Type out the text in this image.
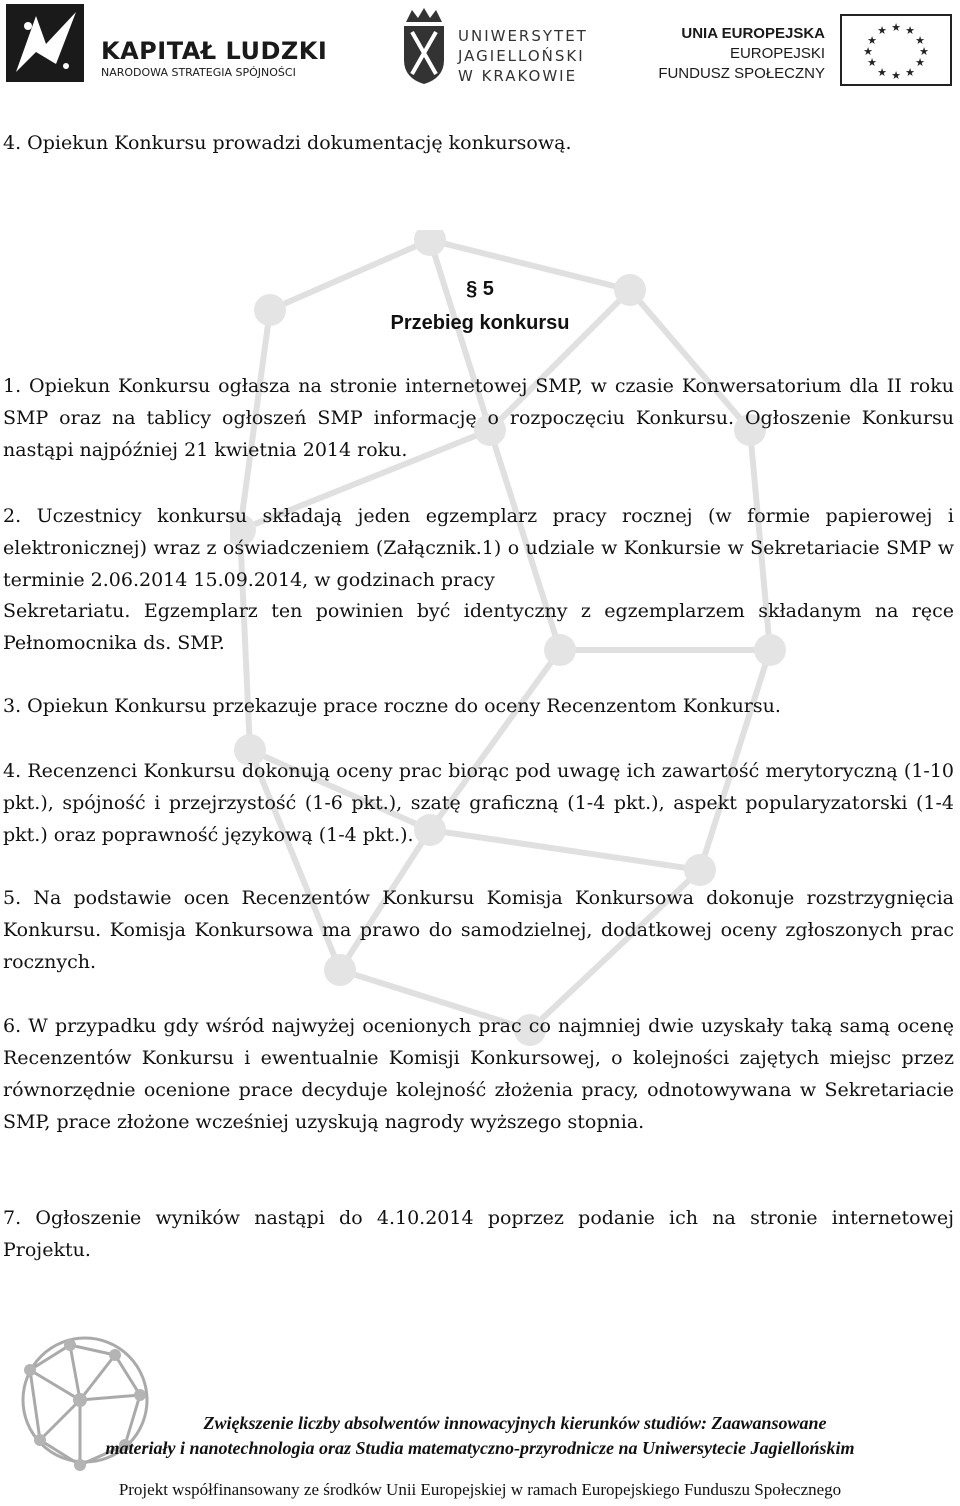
KAPITAŁ LUDZKI
NARODOWA STRATEGIA SPÓJNOŚCI
UNIWERSYTET
JAGIELLOŃSKI
W KRAKOWIE
UNIA EUROPEJSKA
EUROPEJSKI
FUNDUSZ SPOŁECZNY
★ ★
★
★
★
★
★
★
★
★
★
★
4. Opiekun Konkursu prowadzi dokumentację konkursową.
§ 5
Przebieg konkursu
1. Opiekun Konkursu ogłasza na stronie internetowej SMP, w czasie Konwersatorium dla II roku SMP oraz na tablicy ogłoszeń SMP informację o rozpoczęciu Konkursu. Ogłoszenie Konkursu nastąpi najpóźniej 21 kwietnia 2014 roku.
2. Uczestnicy konkursu składają jeden egzemplarz pracy rocznej (w formie papierowej i elektronicznej) wraz z oświadczeniem (Załącznik.1) o udziale w Konkursie w Sekretariacie SMP w terminie 2.06.2014 15.09.2014, w godzinach pracy
Sekretariatu. Egzemplarz ten powinien być identyczny z egzemplarzem składanym na ręce Pełnomocnika ds. SMP.
3. Opiekun Konkursu przekazuje prace roczne do oceny Recenzentom Konkursu.
4. Recenzenci Konkursu dokonują oceny prac biorąc pod uwagę ich zawartość merytoryczną (1-10 pkt.), spójność i przejrzystość (1-6 pkt.), szatę graficzną (1-4 pkt.), aspekt popularyzatorski (1-4 pkt.) oraz poprawność językową (1-4 pkt.).
5. Na podstawie ocen Recenzentów Konkursu Komisja Konkursowa dokonuje rozstrzygnięcia Konkursu. Komisja Konkursowa ma prawo do samodzielnej, dodatkowej oceny zgłoszonych prac rocznych.
6. W przypadku gdy wśród najwyżej ocenionych prac co najmniej dwie uzyskały taką samą ocenę Recenzentów Konkursu i ewentualnie Komisji Konkursowej, o kolejności zajętych miejsc przez równorzędnie ocenione prace decyduje kolejność złożenia pracy, odnotowywana w Sekretariacie SMP, prace złożone wcześniej uzyskują nagrody wyższego stopnia.
7. Ogłoszenie wyników nastąpi do 4.10.2014 poprzez podanie ich na stronie internetowej Projektu.
Zwiększenie liczby absolwentów innowacyjnych kierunków studiów: Zaawansowane
materiały i nanotechnologia oraz Studia matematyczno-przyrodnicze na Uniwersytecie Jagiellońskim
Projekt współfinansowany ze środków Unii Europejskiej w ramach Europejskiego Funduszu Społecznego
